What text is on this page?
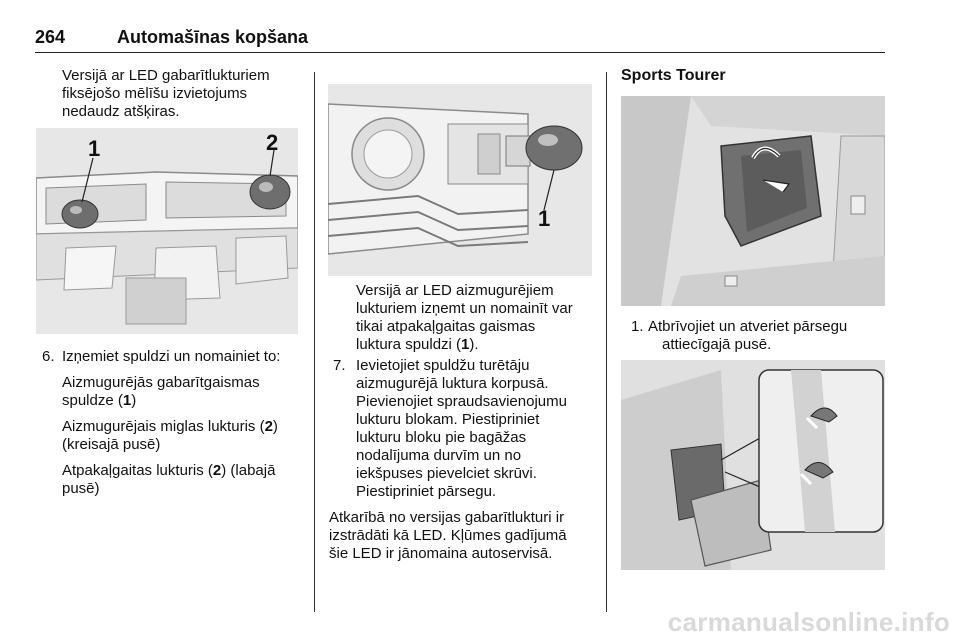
264	Automašīnas kopšana

Versijā ar LED gabarītlukturiem

fiksējošo mēlīšu izvietojums

nedaudz atšķiras.

1	2
6. Izņemiet spuldzi un nomainiet to:
Aizmugurējās gabarītgaismas
spuldze (1)
Aizmugurējais miglas lukturis (2)
(kreisajā pusē)
Atpakaļgaitas lukturis (2) (labajā
pusē)
1

Versijā ar LED aizmugurējiem

lukturiem izņemt un nomainīt var

tikai atpakaļgaitas gaismas

luktura spuldzi (1).

7. Ievietojiet spuldžu turētāju
aizmugurējā luktura korpusā.
Pievienojiet spraudsavienojumu
lukturu blokam. Piestipriniet
lukturu bloku pie bagāžas
nodalījuma durvīm un no
iekšpuses pievelciet skrūvi.
Piestipriniet pārsegu.

Atkarībā no versijas gabarītlukturi ir

izstrādāti kā LED. Kļūmes gadījumā

šie LED ir jānomaina autoservisā.

Sports Tourer
1. Atbrīvojiet un atveriet pārsegu
attiecīgajā pusē.
carmanualsonline.info
